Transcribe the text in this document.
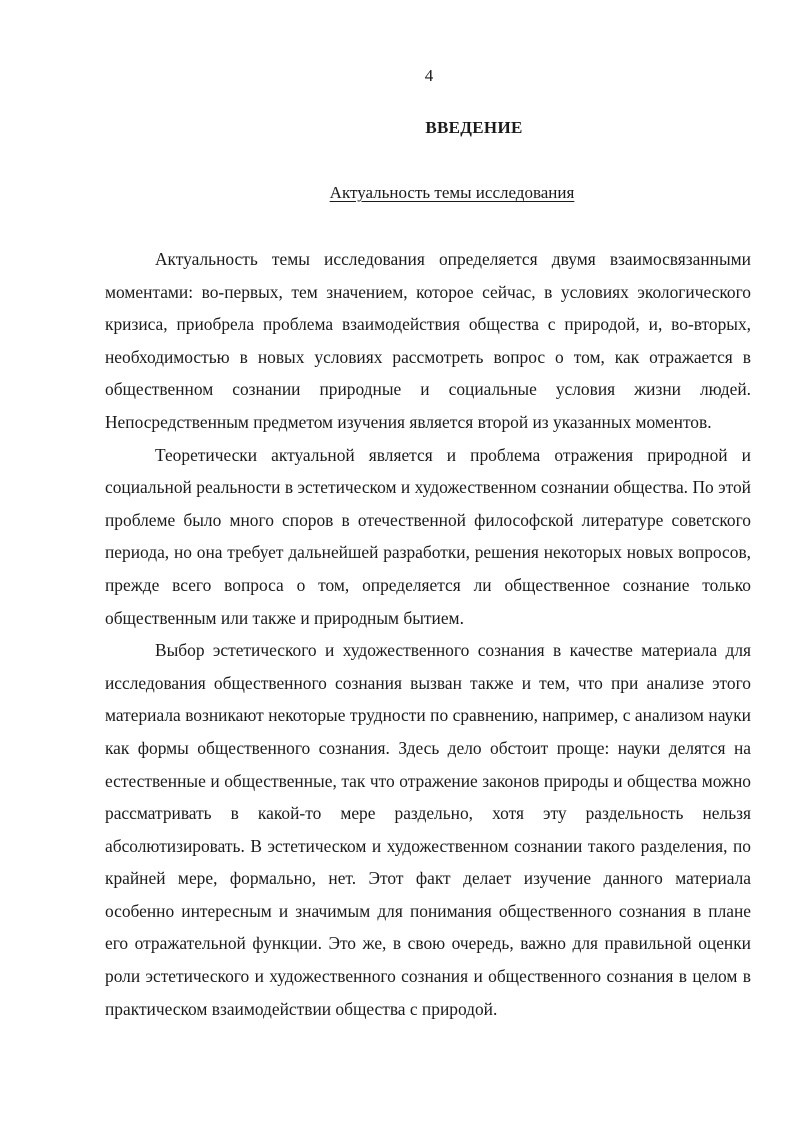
4
ВВЕДЕНИЕ
Актуальность темы исследования

Актуальность темы исследования определяется двумя взаимосвязанными моментами: во-первых, тем значением, которое сейчас, в условиях экологического кризиса, приобрела проблема взаимодействия общества с природой, и, во-вторых, необходимостью в новых условиях рассмотреть вопрос о том, как отражается в общественном сознании природные и социальные условия жизни людей. Непосредственным предметом изучения является второй из указанных моментов.

Теоретически актуальной является и проблема отражения природной и социальной реальности в эстетическом и художественном сознании общества. По этой проблеме было много споров в отечественной философской литературе советского периода, но она требует дальнейшей разработки, решения некоторых новых вопросов, прежде всего вопроса о том, определяется ли общественное сознание только общественным или также и природным бытием.

Выбор эстетического и художественного сознания в качестве материала для исследования общественного сознания вызван также и тем, что при анализе этого материала возникают некоторые трудности по сравнению, например, с анализом науки как формы общественного сознания. Здесь дело обстоит проще: науки делятся на естественные и общественные, так что отражение законов природы и общества можно рассматривать в какой-то мере раздельно, хотя эту раздельность нельзя абсолютизировать. В эстетическом и художественном сознании такого разделения, по крайней мере, формально, нет. Этот факт делает изучение данного материала особенно интересным и значимым для понимания общественного сознания в плане его отражательной функции. Это же, в свою очередь, важно для правильной оценки роли эстетического и художественного сознания и общественного сознания в целом в практическом взаимодействии общества с природой.
